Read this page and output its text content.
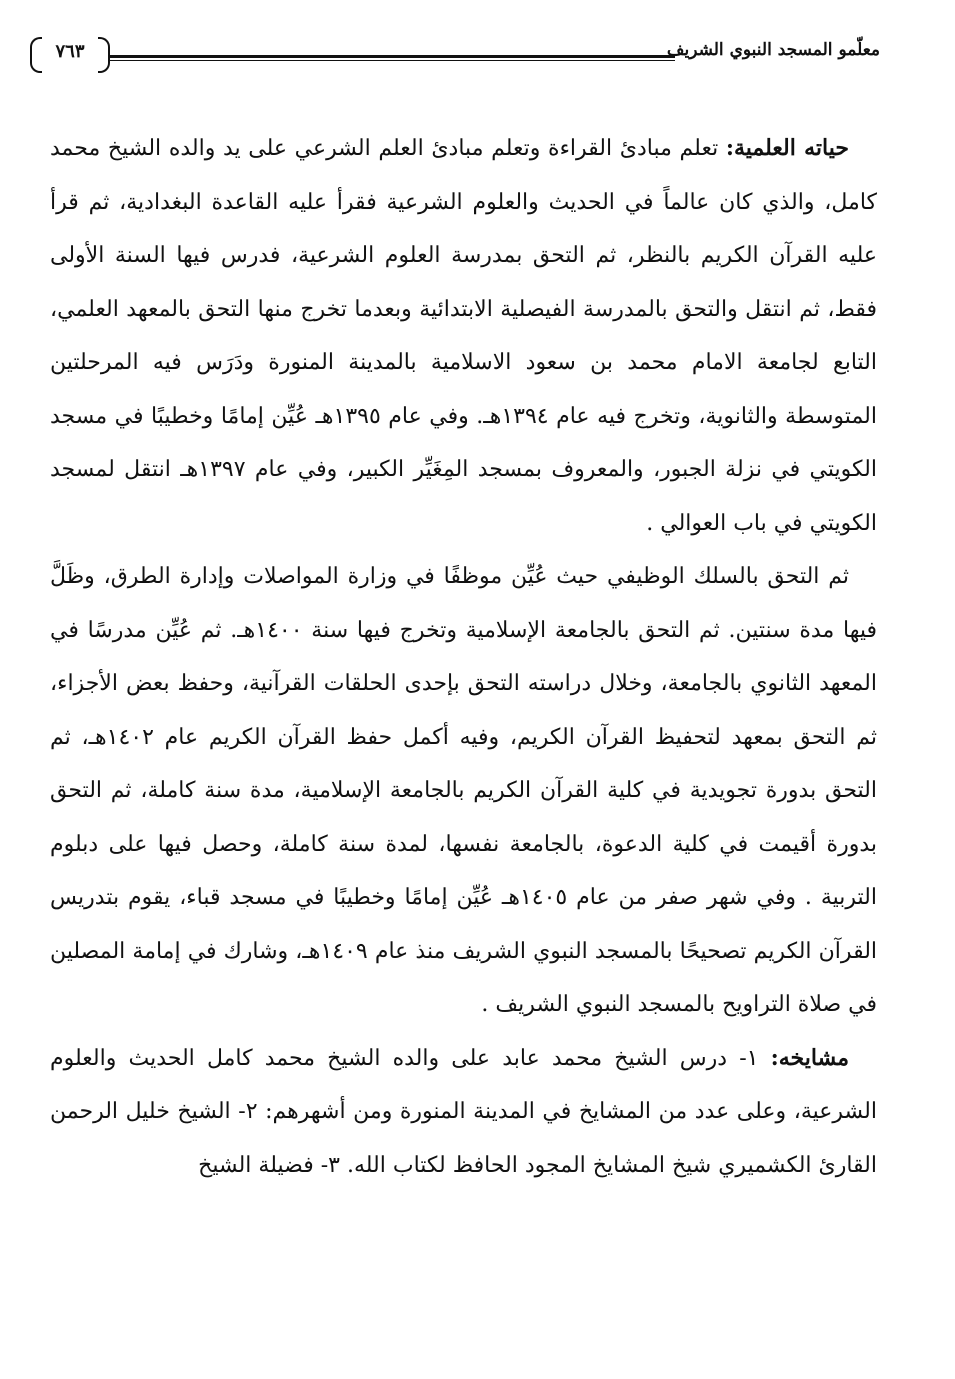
٧٦٣	معلّمو المسجد النبوي الشريف

حياته العلمية: تعلم مبادئ القراءة وتعلم مبادئ العلم الشرعي على يد والده الشيخ محمد كامل، والذي كان عالماً في الحديث والعلوم الشرعية فقرأ عليه القاعدة البغدادية، ثم قرأ عليه القرآن الكريم بالنظر، ثم التحق بمدرسة العلوم الشرعية، فدرس فيها السنة الأولى فقط، ثم انتقل والتحق بالمدرسة الفيصلية الابتدائية وبعدما تخرج منها التحق بالمعهد العلمي، التابع لجامعة الامام محمد بن سعود الاسلامية بالمدينة المنورة ودَرَس فيه المرحلتين المتوسطة والثانوية، وتخرج فيه عام ١٣٩٤هـ. وفي عام ١٣٩٥هـ عُيِّن إمامًا وخطيبًا في مسجد الكويتي في نزلة الجبور، والمعروف بمسجد المِغَيِّر الكبير، وفي عام ١٣٩٧هـ انتقل لمسجد الكويتي في باب العوالي .

ثم التحق بالسلك الوظيفي حيث عُيِّن موظفًا في وزارة المواصلات وإدارة الطرق، وظَلَّ فيها مدة سنتين. ثم التحق بالجامعة الإسلامية وتخرج فيها سنة ١٤٠٠هـ. ثم عُيِّن مدرسًا في المعهد الثانوي بالجامعة، وخلال دراسته التحق بإحدى الحلقات القرآنية، وحفظ بعض الأجزاء، ثم التحق بمعهد لتحفيظ القرآن الكريم، وفيه أكمل حفظ القرآن الكريم عام ١٤٠٢هـ، ثم التحق بدورة تجويدية في كلية القرآن الكريم بالجامعة الإسلامية، مدة سنة كاملة، ثم التحق بدورة أقيمت في كلية الدعوة، بالجامعة نفسها، لمدة سنة كاملة، وحصل فيها على دبلوم التربية . وفي شهر صفر من عام ١٤٠٥هـ عُيِّن إمامًا وخطيبًا في مسجد قباء، يقوم بتدريس القرآن الكريم تصحيحًا بالمسجد النبوي الشريف منذ عام ١٤٠٩هـ، وشارك في إمامة المصلين في صلاة التراويح بالمسجد النبوي الشريف .

مشايخه: ١- درس الشيخ محمد عابد على والده الشيخ محمد كامل الحديث والعلوم الشرعية، وعلى عدد من المشايخ في المدينة المنورة ومن أشهرهم: ٢- الشيخ خليل الرحمن القارئ الكشميري شيخ المشايخ المجود الحافظ لكتاب الله. ٣- فضيلة الشيخ
